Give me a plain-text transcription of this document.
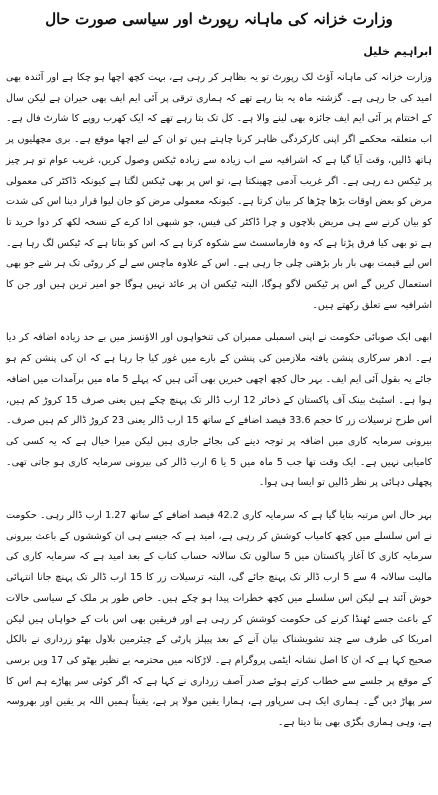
وزارت خزانہ کی ماہانہ رپورٹ اور سیاسی صورت حال
ابراہیم خلیل

وزارت خزانہ کی ماہانہ آؤٹ لک رپورٹ تو یہ بظاہر کر رہی ہے، بہت کچھ اچھا ہو چکا ہے اور آئندہ بھی امید کی جا رہی ہے۔ گزشتہ ماہ یہ بتا رہے تھے کہ ہماری ترقی پر آئی ایم ایف بھی حیران ہے لیکن سال کے اختتام پر آئی ایم ایف جائزہ بھی لینے والا ہے۔ کل تک بتا رہے تھے کہ ایک کھرب روپے کا شارٹ فال ہے۔ اب متعلقہ محکمے اگر اپنی کارکردگی ظاہر کرنا چاہتے ہیں تو ان کے لیے اچھا موقع ہے۔ بری مچھلیوں پر ہاتھ ڈالیں، وقت آیا گیا ہے کہ اشرافیہ سے اب زیادہ سے زیادہ ٹیکس وصول کریں، غریب عوام تو ہر چیز پر ٹیکس دے رہی ہے۔ اگر غریب آدمی چھینکتا ہے، تو اس پر بھی ٹیکس لگتا ہے کیونکہ ڈاکٹر کی معمولی مرض کو بعض اوقات بڑھا چڑھا کر بیان کرتا ہے۔ کیونکہ معمولی مرض کو جان لیوا قرار دینا اس کی شدت کو بیان کرنے سے ہی مریض بلاچوں و چرا ڈاکٹر کی فیس، جو شبھی ادا کرے کے نسخہ لکھ کر دوا خرید تا ہے تو بھی کیا فرق پڑتا ہے کہ وہ فارماسسٹ سے شکوہ کرتا ہے کہ اس کو بتاتا ہے کہ ٹیکس لگ رہا ہے۔ اس لیے قیمت بھی بار بار بڑھتی چلی جا رہی ہے۔ اس کے علاوہ ماچس سے لے کر روٹی تک ہر شے جو بھی استعمال کریں گے اس پر ٹیکس لاگو ہوگا، البتہ ٹیکس ان پر عائد نہیں ہوگا جو امیر ترین ہیں اور جن کا اشرافیہ سے تعلق رکھتے ہیں۔

ابھی ایک صوبائی حکومت نے اپنی اسمبلی ممبران کی تنخواہوں اور الاؤنسز میں بے حد زیادہ اضافہ کر دیا ہے۔ ادھر سرکاری پنشن یافتہ ملازمین کی پنشن کے بارے میں غور کیا جا رہا ہے کہ ان کی پنشن کم ہو جائے یہ بقول آئی ایم ایف۔ بہر حال کچھ اچھی خبریں بھی آئی ہیں کہ پہلے 5 ماہ میں برآمدات میں اضافہ ہوا ہے۔ اسٹیٹ بینک آف پاکستان کے ذخائر 12 ارب ڈالر تک پہنچ چکے ہیں یعنی صرف 15 کروڑ کم ہیں، اس طرح ترسیلات زر کا حجم 33.6 فیصد اضافے کے ساتھ 15 ارب ڈالر یعنی 23 کروڑ ڈالر کم ہیں صرف۔ بیرونی سرمایہ کاری میں اضافہ پر توجہ دینے کی بجائے جاری ہیں لیکن میرا خیال ہے کہ یہ کسی کی کامیابی نہیں ہے۔ ایک وقت تھا جب 5 ماہ میں 5 یا 6 ارب ڈالر کی بیرونی سرمایہ کاری ہو جاتی تھی۔ پچھلی دہائی پر نظر ڈالیں تو ایسا ہی ہوا۔

بہر حال اس مرتبہ بتایا گیا ہے کہ سرمایہ کاری 42.2 فیصد اضافے کے ساتھ 1.27 ارب ڈالر رہی۔ حکومت نے اس سلسلے میں کچھ کامیاب کوشش کر رہی ہے، امید ہے کہ جیسے ہی ان کوششوں کے باعث بیرونی سرمایہ کاری کا آغاز پاکستان میں 5 سالوں تک سالانہ حساب کتاب کے بعد امید ہے کہ سرمایہ کاری کی مالیت سالانہ 4 سے 5 ارب ڈالر تک پہنچ جائے گی، البتہ ترسیلات زر کا 15 ارب ڈالر تک پہنچ جانا انتہائی خوش آئند ہے لیکن اس سلسلے میں کچھ خطرات پیدا ہو چکے ہیں۔ خاص طور پر ملک کے سیاسی حالات کے باعث جسے ٹھنڈا کرنے کی حکومت کوشش کر رہی ہے اور فریقین بھی اس بات کے خواہاں ہیں لیکن امریکا کی طرف سے چند تشویشناک بیان آنے کے بعد پیپلز پارٹی کے چیئرمین بلاول بھٹو زرداری نے بالکل صحیح کہا ہے کہ ان کا اصل نشانہ ایٹمی پروگرام ہے۔ لاڑکانہ میں محترمہ بے نظیر بھٹو کی 17 ویں برسی کے موقع پر جلسے سے خطاب کرتے ہوئے صدر آصف زرداری نے کہا ہے کہ اگر کوئی سر پھاڑے ہم اس کا سر پھاڑ دیں گے۔ ہماری ایک ہی سرپاور ہے، ہمارا یقین مولا پر ہے، یقیناً ہمیں اللہ پر یقین اور بھروسہ ہے، وہی ہماری بگڑی بھی بنا دیتا ہے۔
